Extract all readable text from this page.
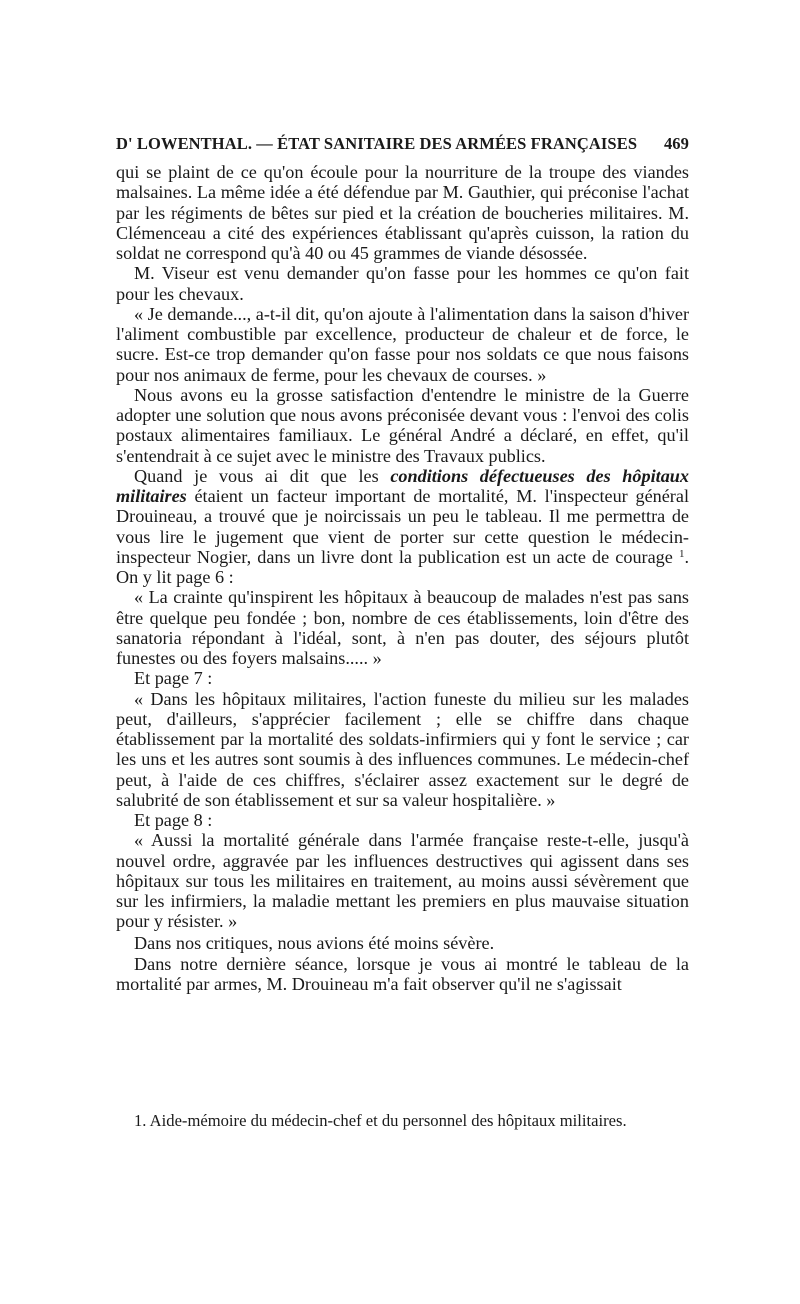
D' LOWENTHAL. — ÉTAT SANITAIRE DES ARMÉES FRANÇAISES 469

qui se plaint de ce qu'on écoule pour la nourriture de la troupe des viandes malsaines. La même idée a été défendue par M. Gauthier, qui préconise l'achat par les régiments de bêtes sur pied et la création de boucheries militaires. M. Clémenceau a cité des expériences établissant qu'après cuisson, la ration du soldat ne correspond qu'à 40 ou 45 grammes de viande désossée.

M. Viseur est venu demander qu'on fasse pour les hommes ce qu'on fait pour les chevaux.

« Je demande..., a-t-il dit, qu'on ajoute à l'alimentation dans la saison d'hiver l'aliment combustible par excellence, producteur de chaleur et de force, le sucre. Est-ce trop demander qu'on fasse pour nos soldats ce que nous faisons pour nos animaux de ferme, pour les chevaux de courses. »

Nous avons eu la grosse satisfaction d'entendre le ministre de la Guerre adopter une solution que nous avons préconisée devant vous : l'envoi des colis postaux alimentaires familiaux. Le général André a déclaré, en effet, qu'il s'entendrait à ce sujet avec le ministre des Travaux publics.

Quand je vous ai dit que les conditions défectueuses des hôpitaux militaires étaient un facteur important de mortalité, M. l'inspecteur général Drouineau, a trouvé que je noircissais un peu le tableau. Il me permettra de vous lire le jugement que vient de porter sur cette question le médecin-inspecteur Nogier, dans un livre dont la publication est un acte de courage $^1$. On y lit page 6 :

« La crainte qu'inspirent les hôpitaux à beaucoup de malades n'est pas sans être quelque peu fondée ; bon, nombre de ces établissements, loin d'être des sanatoria répondant à l'idéal, sont, à n'en pas douter, des séjours plutôt funestes ou des foyers malsains..... »

Et page 7 :

« Dans les hôpitaux militaires, l'action funeste du milieu sur les malades peut, d'ailleurs, s'apprécier facilement ; elle se chiffre dans chaque établissement par la mortalité des soldats-infirmiers qui y font le service ; car les uns et les autres sont soumis à des influences communes. Le médecin-chef peut, à l'aide de ces chiffres, s'éclairer assez exactement sur le degré de salubrité de son établissement et sur sa valeur hospitalière. »

Et page 8 :

« Aussi la mortalité générale dans l'armée française reste-t-elle, jusqu'à nouvel ordre, aggravée par les influences destructives qui agissent dans ses hôpitaux sur tous les militaires en traitement, au moins aussi sévèrement que sur les infirmiers, la maladie mettant les premiers en plus mauvaise situation pour y résister. »

Dans nos critiques, nous avions été moins sévère.

Dans notre dernière séance, lorsque je vous ai montré le tableau de la mortalité par armes, M. Drouineau m'a fait observer qu'il ne s'agissait

1. Aide-mémoire du médecin-chef et du personnel des hôpitaux militaires.
